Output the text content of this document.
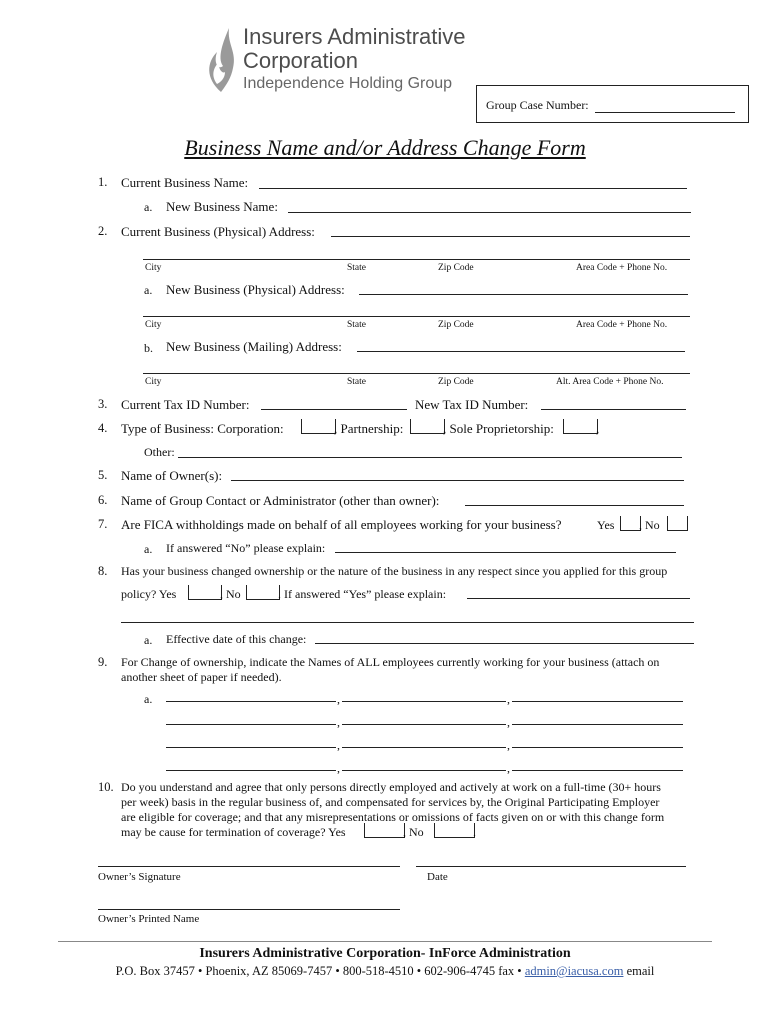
Insurers Administrative
Corporation
Independence Holding Group
Group Case Number:
Business Name and/or Address Change Form
1. Current Business Name:
a. New Business Name:
2. Current Business (Physical) Address:
City	State	Zip Code	Area Code + Phone No.
a. New Business (Physical) Address:
City	State	Zip Code	Area Code + Phone No.
b. New Business (Mailing) Address:
City	State	Zip Code	Alt. Area Code + Phone No.
3. Current Tax ID Number:	New Tax ID Number:
4. Type of Business: Corporation:	, Partnership:	, Sole Proprietorship:	,
Other:
5. Name of Owner(s):
6. Name of Group Contact or Administrator (other than owner):
7. Are FICA withholdings made on behalf of all employees working for your business?	Yes , No
a. If answered “No” please explain:
8. Has your business changed ownership or the nature of the business in any respect since you applied for this group
policy? Yes	, No	. If answered “Yes” please explain:
a. Effective date of this change:
9. For Change of ownership, indicate the Names of ALL employees currently working for your business (attach on
another sheet of paper if needed).
a.	,	,
,	,
,	,
,	,
10. Do you understand and agree that only persons directly employed and actively at work on a full-time (30+ hours
per week) basis in the regular business of, and compensated for services by, the Original Participating Employer
are eligible for coverage; and that any misrepresentations or omissions of facts given on or with this change form
may be cause for termination of coverage? Yes	, No	.
Owner’s Signature	Date
Owner’s Printed Name
Insurers Administrative Corporation- InForce Administration
P.O. Box 37457 • Phoenix, AZ 85069-7457 • 800-518-4510 • 602-906-4745 fax • admin@iacusa.com email
